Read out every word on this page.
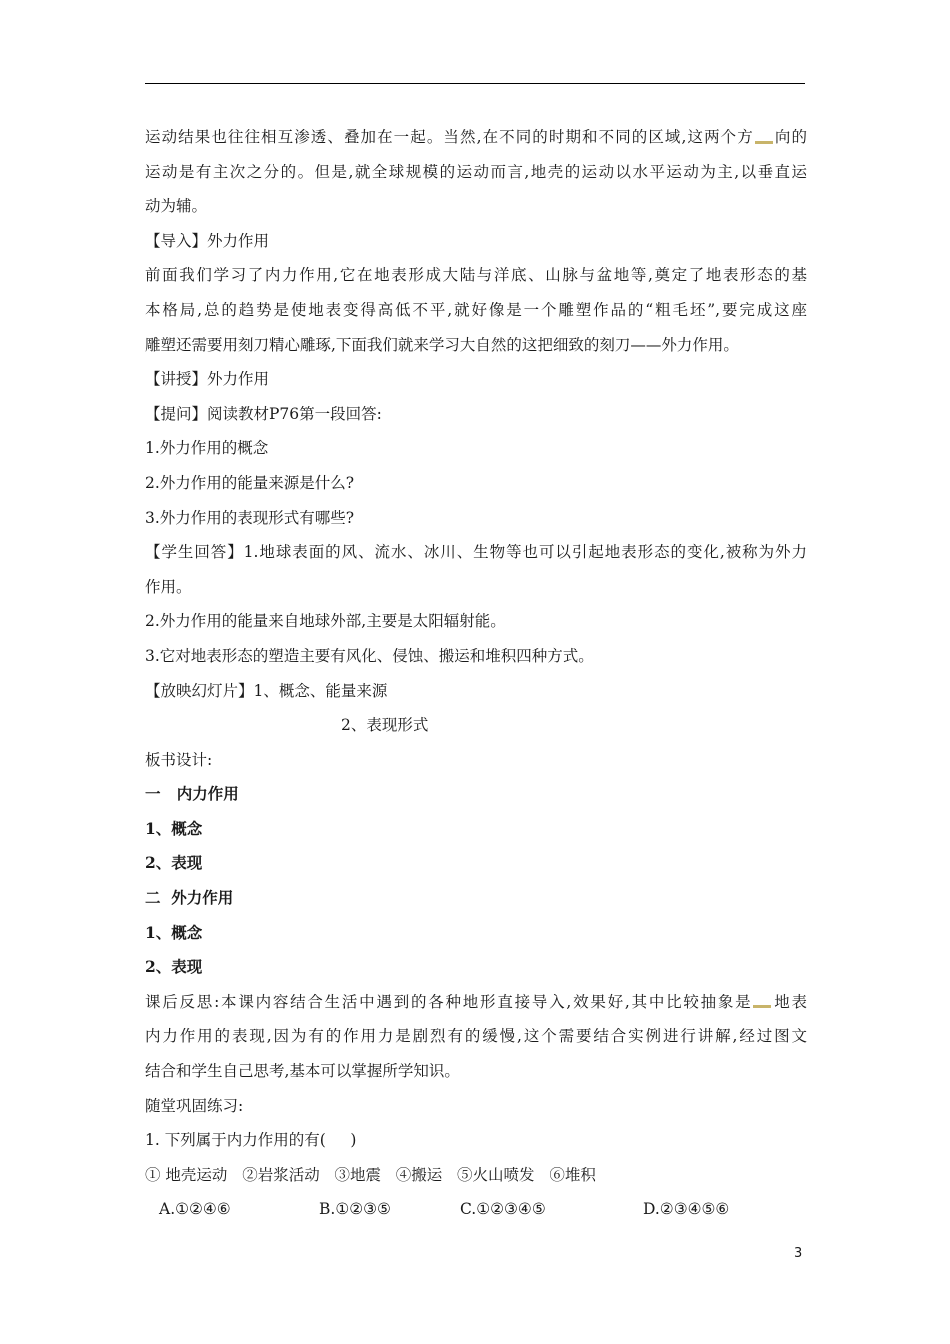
运动结果也往往相互渗透、叠加在一起。当然,在不同的时期和不同的区域,这两个方 向的
运动是有主次之分的。但是,就全球规模的运动而言,地壳的运动以水平运动为主,以垂直运
动为辅。
【导入】外力作用
前面我们学习了内力作用,它在地表形成大陆与洋底、山脉与盆地等,奠定了地表形态的基
本格局,总的趋势是使地表变得高低不平,就好像是一个雕塑作品的“粗毛坯”,要完成这座
雕塑还需要用刻刀精心雕琢,下面我们就来学习大自然的这把细致的刻刀——外力作用。
【讲授】外力作用
【提问】阅读教材P76第一段回答:
1.外力作用的概念
2.外力作用的能量来源是什么?
3.外力作用的表现形式有哪些?
【学生回答】1.地球表面的风、流水、冰川、生物等也可以引起地表形态的变化,被称为外力
作用。
2.外力作用的能量来自地球外部,主要是太阳辐射能。
3.它对地表形态的塑造主要有风化、侵蚀、搬运和堆积四种方式。
【放映幻灯片】1、概念、能量来源
2、表现形式
板书设计:
一   内力作用
1、概念
2、表现
二  外力作用
1、概念
2、表现
课后反思:本课内容结合生活中遇到的各种地形直接导入,效果好,其中比较抽象是 地表
内力作用的表现,因为有的作用力是剧烈有的缓慢,这个需要结合实例进行讲解,经过图文
结合和学生自己思考,基本可以掌握所学知识。
随堂巩固练习:
1. 下列属于内力作用的有(     )
① 地壳运动   ②岩浆活动   ③地震   ④搬运   ⑤火山喷发   ⑥堆积
A.①②④⑥	B.①②③⑤	C.①②③④⑤	D.②③④⑤⑥
3
